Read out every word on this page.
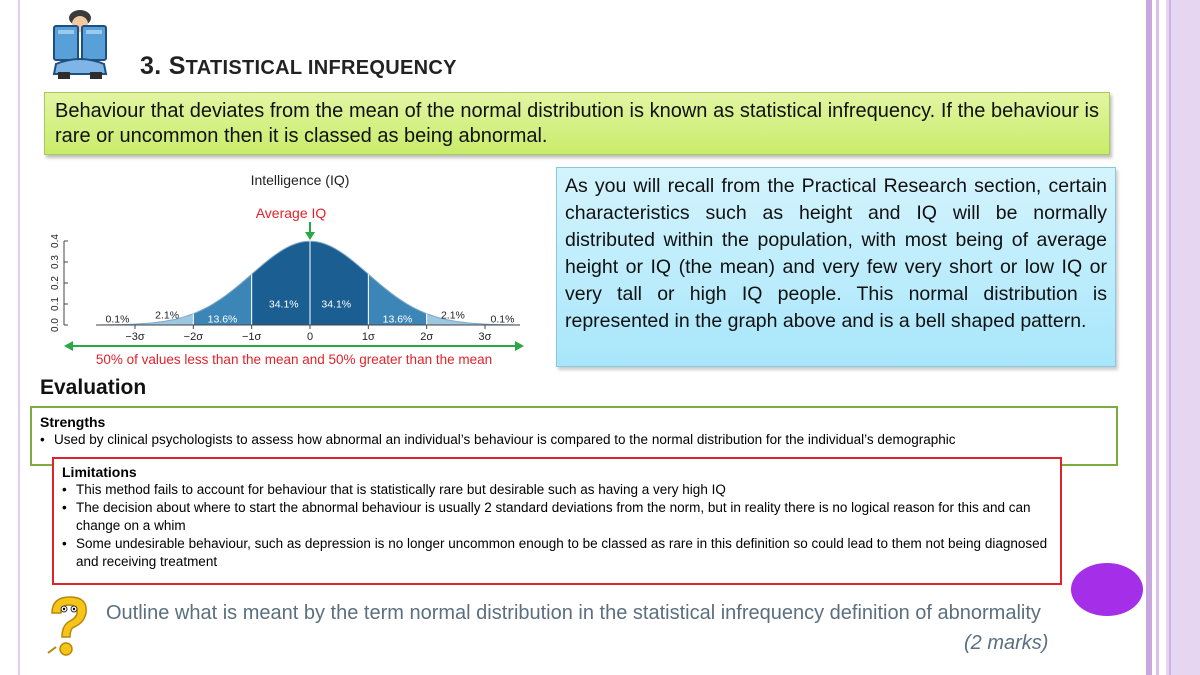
3. STATISTICAL INFREQUENCY
Behaviour that deviates from the mean of the normal distribution is known as statistical infrequency. If the behaviour is rare or uncommon then it is classed as being abnormal.
Intelligence (IQ)
Average IQ
0.0
0.1
0.2
0.3
0.4
−3σ	−2σ	−1σ	0	1σ	2σ	3σ
0.1% 2.1%	13.6%
34.1% 34.1%
13.6%	2.1% 0.1%
50% of values less than the mean and 50% greater than the mean
As you will recall from the Practical Research section, certain characteristics such as height and IQ will be normally distributed within the population, with most being of average height or IQ (the mean) and very few very short or low IQ or very tall or high IQ people. This normal distribution is represented in the graph above and is a bell shaped pattern.
Evaluation
Strengths
• Used by clinical psychologists to assess how abnormal an individual’s behaviour is compared to the normal distribution for the individual’s demographic
Limitations
• This method fails to account for behaviour that is statistically rare but desirable such as having a very high IQ
• The decision about where to start the abnormal behaviour is usually 2 standard deviations from the norm, but in reality there is no logical reason for this and can change on a whim
• Some undesirable behaviour, such as depression is no longer uncommon enough to be classed as rare in this definition so could lead to them not being diagnosed and receiving treatment
Outline what is meant by the term normal distribution in the statistical infrequency definition of abnormality
(2 marks)
